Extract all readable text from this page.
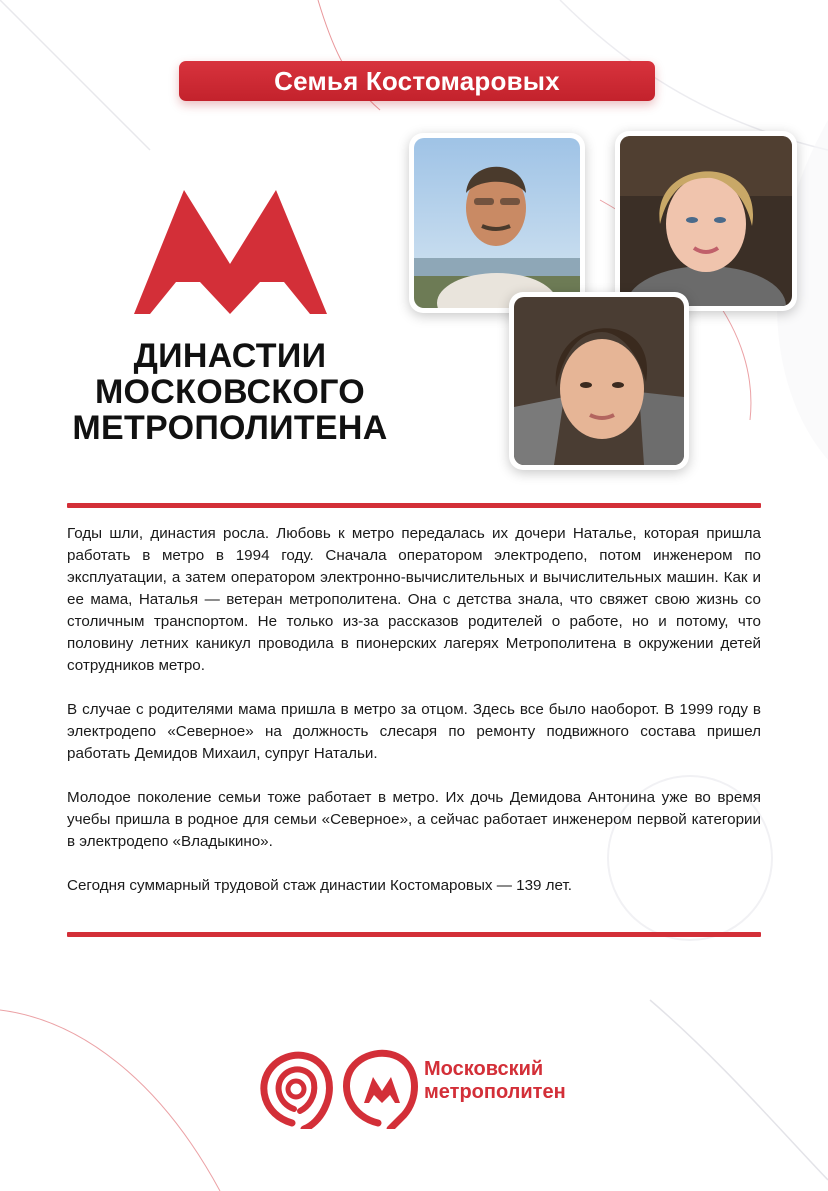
Семья Костомаровых
ДИНАСТИИ
МОСКОВСКОГО
МЕТРОПОЛИТЕНА

Годы шли, династия росла. Любовь к метро передалась их дочери Наталье, которая пришла работать в метро в 1994 году. Сначала оператором электродепо, потом инженером по эксплуатации, а затем оператором электронно-вычислительных и вычислительных машин. Как и ее мама, Наталья — ветеран метрополитена. Она с детства знала, что свяжет свою жизнь со столичным транспортом. Не только из-за рассказов родителей о работе, но и потому, что половину летних каникул проводила в пионерских лагерях Метрополитена в окружении детей сотрудников метро.

В случае с родителями мама пришла в метро за отцом. Здесь все было наоборот. В 1999 году в электродепо «Северное» на должность слесаря по ремонту подвижного состава пришел работать Демидов Михаил, супруг Натальи.

Молодое поколение семьи тоже работает в метро. Их дочь Демидова Антонина уже во время учебы пришла в родное для семьи «Северное», а сейчас работает инженером первой категории в электродепо «Владыкино».

Сегодня суммарный трудовой стаж династии Костомаровых — 139 лет.

Московский
метрополитен
